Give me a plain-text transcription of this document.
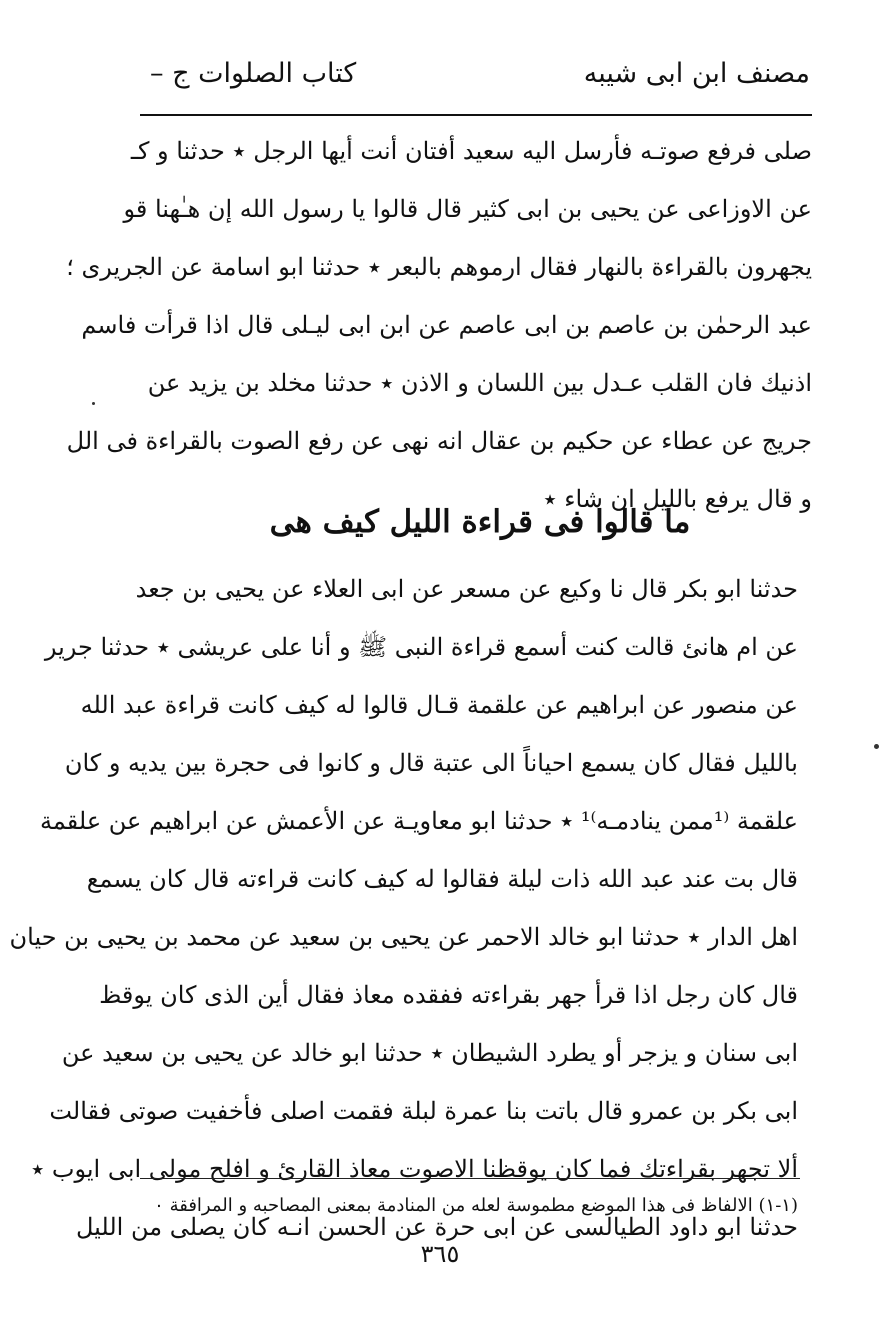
مصنف ابن ابى شيبه
كتاب الصلوات ج –
صلى فرفع صوتـه فأرسل اليه سعيد أفتان أنت أيها الرجل ٭ حدثنا و كـ
عن الاوزاعى عن يحيى بن ابى كثير قال قالوا يا رسول الله إن هـٰهنا قو
يجهرون بالقراءة بالنهار فقال ارموهم بالبعر ٭ حدثنا ابو اسامة عن الجريرى ؛
عبد الرحمٰن بن عاصم بن ابى عاصم عن ابن ابى ليـلى قال اذا قرأت فاسم
اذنيك فان القلب عـدل بين اللسان و الاذن ٭ حدثنا مخلد بن يزيد عن
جريج عن عطاء عن حكيم بن عقال انه نهى عن رفع الصوت بالقراءة فى الل
و قال يرفع بالليل ان شاء ٭
ما قالوا فى قراءة الليل كيف هى
حدثنا ابو بكر قال نا وكيع عن مسعر عن ابى العلاء عن يحيى بن جعد
عن ام هانئ قالت كنت أسمع قراءة النبى ﷺ و أنا على عريشى ٭ حدثنا جرير
عن منصور عن ابراهيم عن علقمة قـال قالوا له كيف كانت قراءة عبد الله
بالليل فقال كان يسمع احياناً الى عتبة قال و كانوا فى حجرة بين يديه و كان
علقمة ⁽¹ممن ينادمـه⁾¹ ٭ حدثنا ابو معاويـة عن الأعمش عن ابراهيم عن علقمة
قال بت عند عبد الله ذات ليلة فقالوا له كيف كانت قراءته قال كان يسمع
اهل الدار ٭ حدثنا ابو خالد الاحمر عن يحيى بن سعيد عن محمد بن يحيى بن حيان
قال كان رجل اذا قرأ جهر بقراءته ففقده معاذ فقال أين الذى كان يوقظ
ابى سنان و يزجر أو يطرد الشيطان ٭ حدثنا ابو خالد عن يحيى بن سعيد عن
ابى بكر بن عمرو قال باتت بنا عمرة لبلة فقمت اصلى فأخفيت صوتى فقالت
ألا تجهر بقراءتك فما كان يوقظنا الاصوت معاذ القارئ و افلح مولى ابى ايوب ٭
حدثنا ابو داود الطيالسى عن ابى حرة عن الحسن انـه كان يصلى من الليل
(١-١) الالفاظ فى هذا الموضع مطموسة لعله من المنادمة بمعنى المصاحبه و المرافقة ٠
٣٦٥
